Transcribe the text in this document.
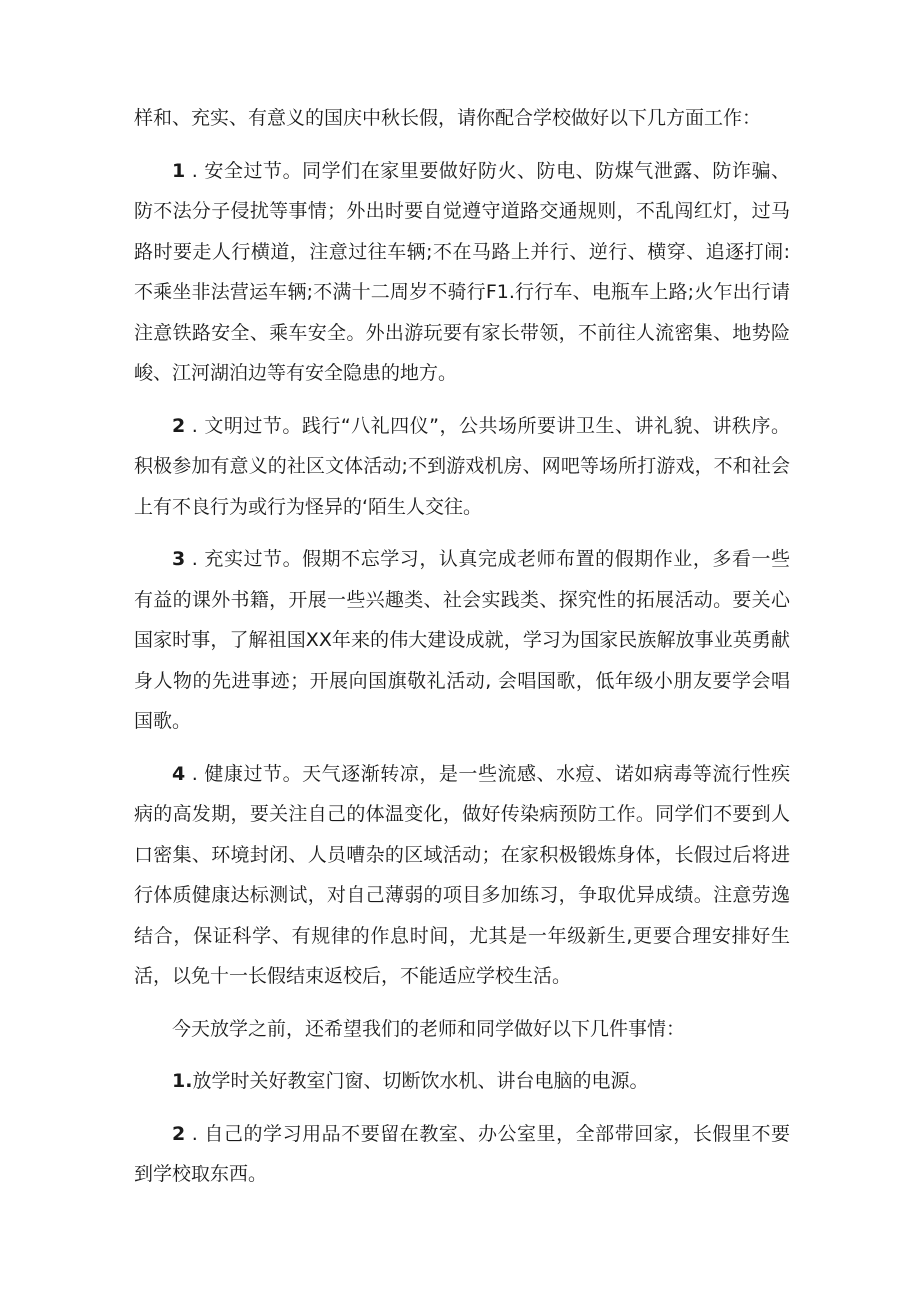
样和、充实、有意义的国庆中秋长假，请你配合学校做好以下几方面工作：

1 . 安全过节。同学们在家里要做好防火、防电、防煤气泄露、防诈骗、防不法分子侵扰等事情；外出时要自觉遵守道路交通规则，不乱闯红灯，过马路时要走人行横道，注意过往车辆;不在马路上并行、逆行、横穿、追逐打闹: 不乘坐非法营运车辆;不满十二周岁不骑行F1.行行车、电瓶车上路;火乍出行请注意铁路安全、乘车安全。外出游玩要有家长带领，不前往人流密集、地势险峻、江河湖泊边等有安全隐患的地方。

2 . 文明过节。践行“八礼四仪”，公共场所要讲卫生、讲礼貌、讲秩序。积极参加有意义的社区文体活动;不到游戏机房、网吧等场所打游戏，不和社会上有不良行为或行为怪异的‘陌生人交往。

3 . 充实过节。假期不忘学习，认真完成老师布置的假期作业，多看一些有益的课外书籍，开展一些兴趣类、社会实践类、探究性的拓展活动。要关心国家时事，了解祖国XX年来的伟大建设成就，学习为国家民族解放事业英勇献身人物的先进事迹；开展向国旗敬礼活动, 会唱国歌，低年级小朋友要学会唱国歌。

4 . 健康过节。天气逐渐转凉，是一些流感、水痘、诺如病毒等流行性疾病的高发期，要关注自己的体温变化，做好传染病预防工作。同学们不要到人口密集、环境封闭、人员嘈杂的区域活动；在家积极锻炼身体，长假过后将进行体质健康达标测试，对自己薄弱的项目多加练习，争取优异成绩。注意劳逸结合，保证科学、有规律的作息时间，尤其是一年级新生,更要合理安排好生活，以免十一长假结束返校后，不能适应学校生活。

今天放学之前，还希望我们的老师和同学做好以下几件事情：

1.放学时关好教室门窗、切断饮水机、讲台电脑的电源。

2 . 自己的学习用品不要留在教室、办公室里，全部带回家，长假里不要到学校取东西。
